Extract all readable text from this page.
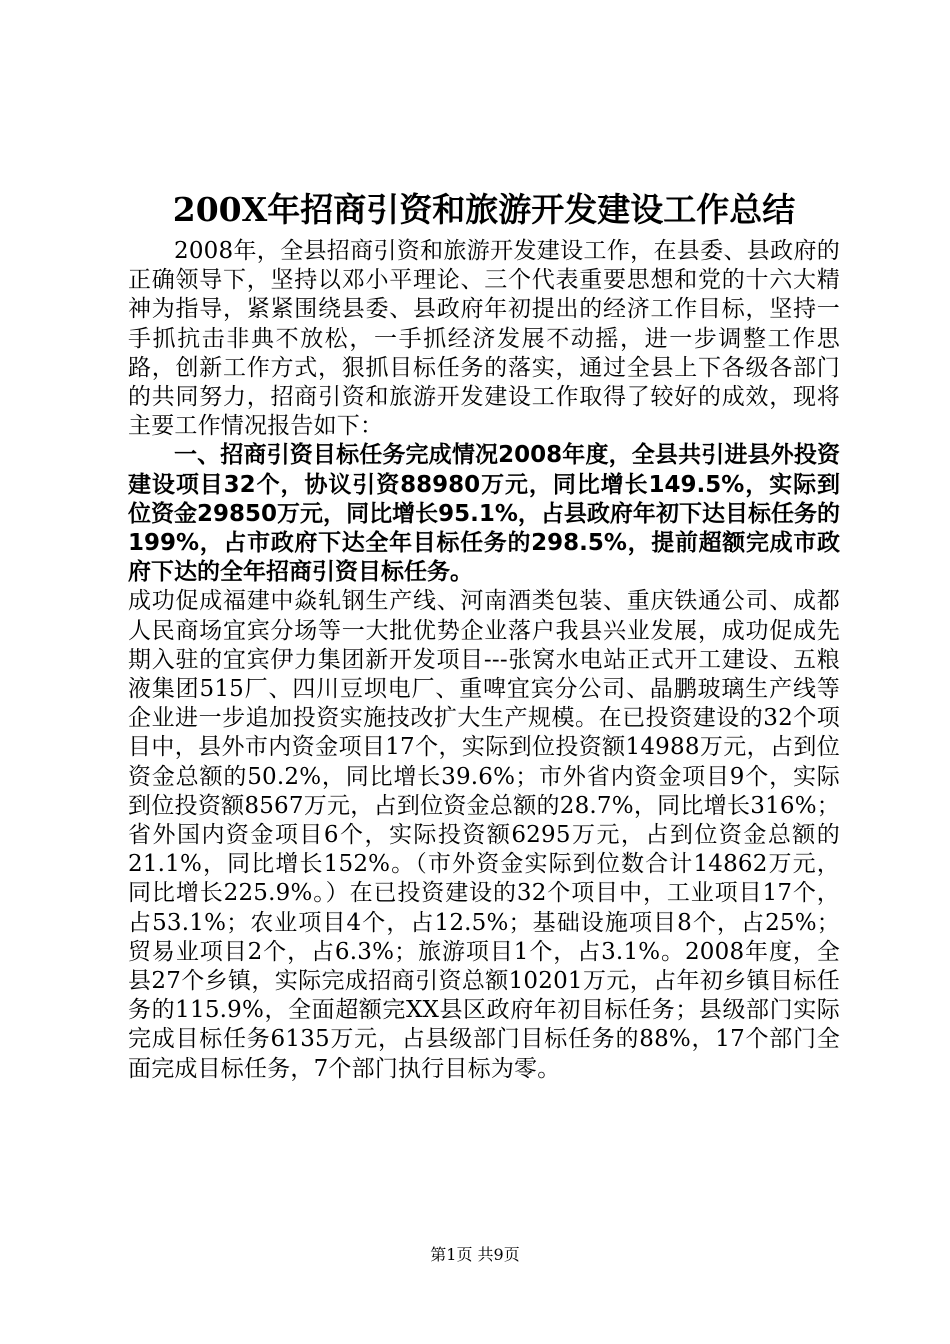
200X年招商引资和旅游开发建设工作总结

2008年，全县招商引资和旅游开发建设工作，在县委、县政府的正确领导下，坚持以邓小平理论、三个代表重要思想和党的十六大精神为指导，紧紧围绕县委、县政府年初提出的经济工作目标，坚持一手抓抗击非典不放松，一手抓经济发展不动摇，进一步调整工作思路，创新工作方式，狠抓目标任务的落实，通过全县上下各级各部门的共同努力，招商引资和旅游开发建设工作取得了较好的成效，现将主要工作情况报告如下：

一、招商引资目标任务完成情况2008年度，全县共引进县外投资建设项目32个，协议引资88980万元，同比增长149.5%，实际到位资金29850万元，同比增长95.1%，占县政府年初下达目标任务的199%，占市政府下达全年目标任务的298.5%，提前超额完成市政府下达的全年招商引资目标任务。

成功促成福建中焱轧钢生产线、河南酒类包装、重庆铁通公司、成都人民商场宜宾分场等一大批优势企业落户我县兴业发展，成功促成先期入驻的宜宾伊力集团新开发项目---张窝水电站正式开工建设、五粮液集团515厂、四川豆坝电厂、重啤宜宾分公司、晶鹏玻璃生产线等企业进一步追加投资实施技改扩大生产规模。在已投资建设的32个项目中，县外市内资金项目17个，实际到位投资额14988万元，占到位资金总额的50.2%，同比增长39.6%；市外省内资金项目9个，实际到位投资额8567万元，占到位资金总额的28.7%，同比增长316%；省外国内资金项目6个，实际投资额6295万元，占到位资金总额的21.1%，同比增长152%。（市外资金实际到位数合计14862万元，同比增长225.9%。）在已投资建设的32个项目中，工业项目17个，占53.1%；农业项目4个，占12.5%；基础设施项目8个，占25%；贸易业项目2个，占6.3%；旅游项目1个，占3.1%。2008年度，全县27个乡镇，实际完成招商引资总额10201万元，占年初乡镇目标任务的115.9%，全面超额完XX县区政府年初目标任务；县级部门实际完成目标任务6135万元，占县级部门目标任务的88%，17个部门全面完成目标任务，7个部门执行目标为零。

第1页 共9页
